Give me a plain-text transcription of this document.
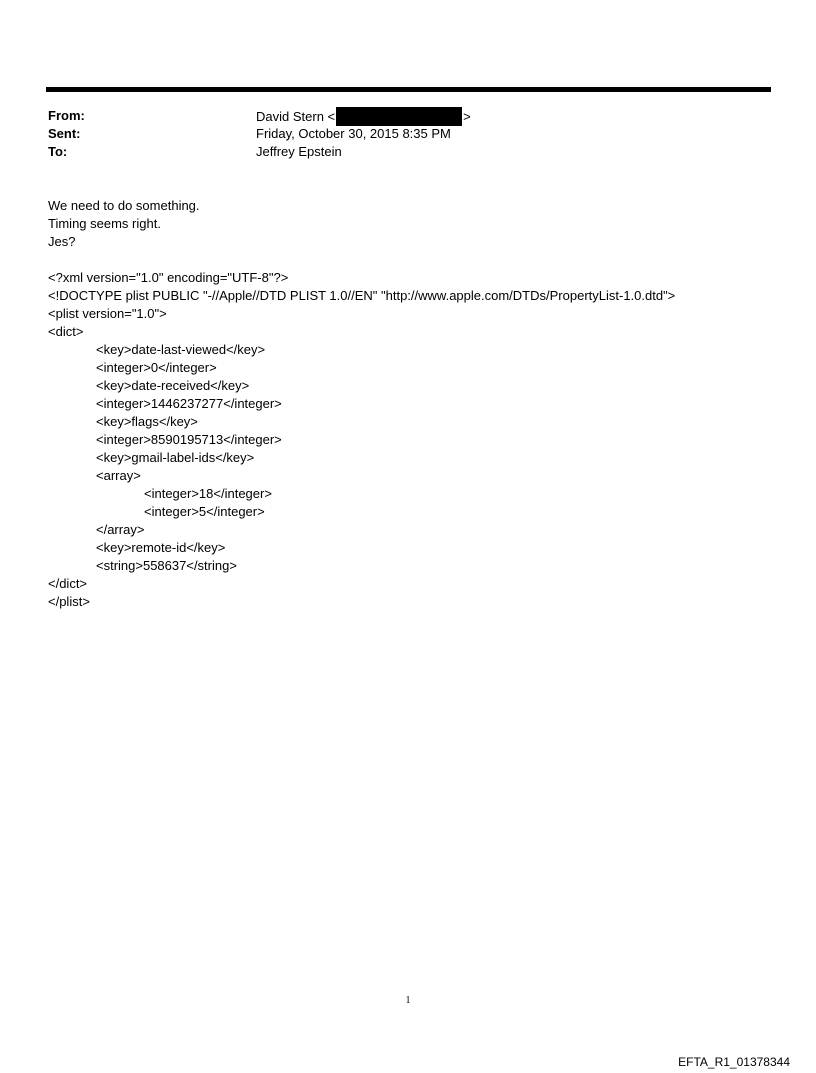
From:	David Stern <	>
Sent:	Friday, October 30, 2015 8:35 PM
To:	Jeffrey Epstein
We need to do something.
Timing seems right.
Jes?
<?xml version="1.0" encoding="UTF-8"?>
<!DOCTYPE plist PUBLIC "-//Apple//DTD PLIST 1.0//EN" "http://www.apple.com/DTDs/PropertyList-1.0.dtd">
<plist version="1.0">
<dict>
<key>date-last-viewed</key>
<integer>0</integer>
<key>date-received</key>
<integer>1446237277</integer>
<key>flags</key>
<integer>8590195713</integer>
<key>gmail-label-ids</key>
<array>
<integer>18</integer>
<integer>5</integer>
</array>
<key>remote-id</key>
<string>558637</string>
</dict>
</plist>
1
EFTA_R1_01378344
